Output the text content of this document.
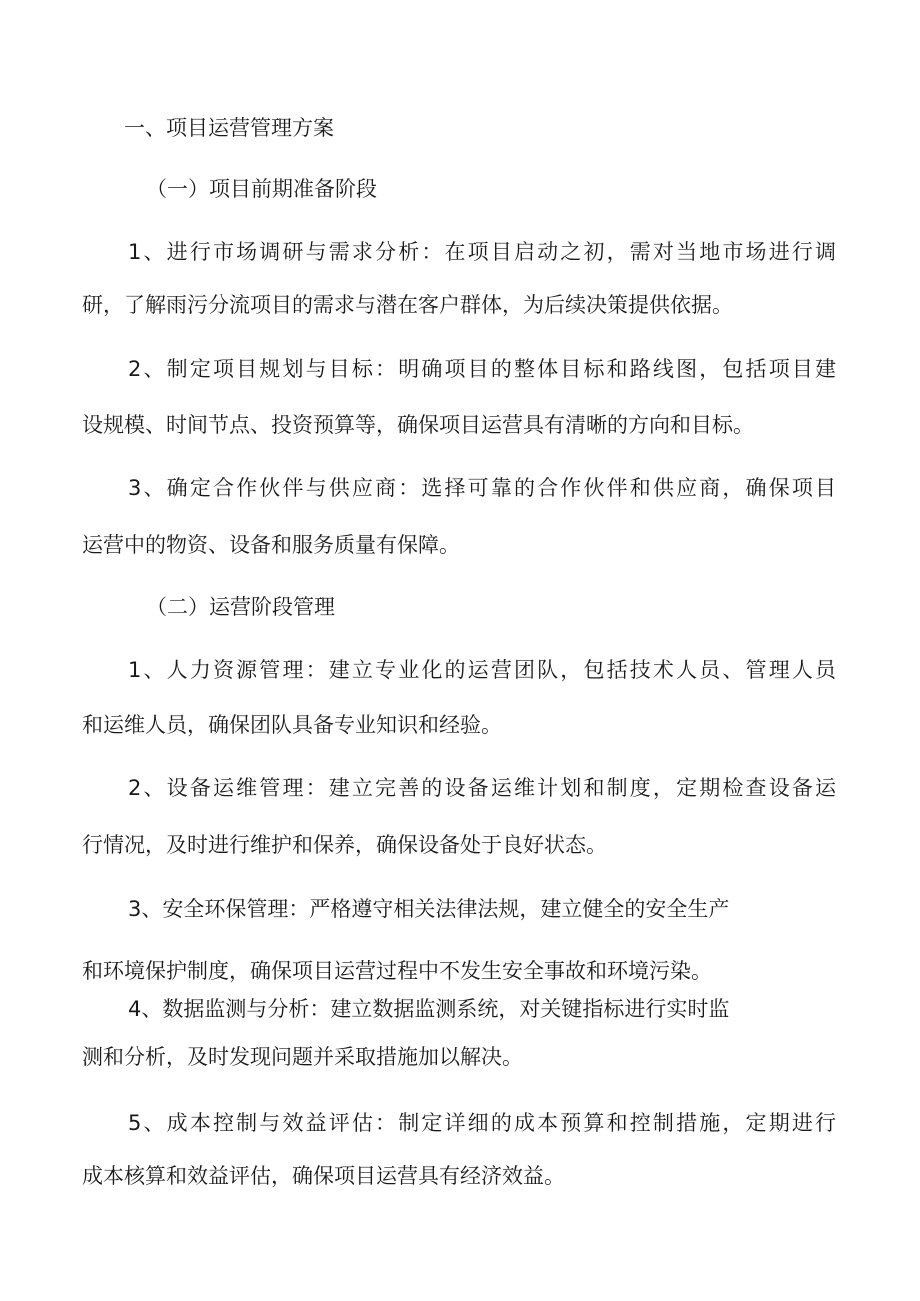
一、项目运营管理方案

（一）项目前期准备阶段

1、进行市场调研与需求分析：在项目启动之初，需对当地市场进行调

研，了解雨污分流项目的需求与潜在客户群体，为后续决策提供依据。

2、制定项目规划与目标：明确项目的整体目标和路线图，包括项目建

设规模、时间节点、投资预算等，确保项目运营具有清晰的方向和目标。

3、确定合作伙伴与供应商：选择可靠的合作伙伴和供应商，确保项目

运营中的物资、设备和服务质量有保障。

（二）运营阶段管理

1、人力资源管理：建立专业化的运营团队，包括技术人员、管理人员

和运维人员，确保团队具备专业知识和经验。

2、设备运维管理：建立完善的设备运维计划和制度，定期检查设备运

行情况，及时进行维护和保养，确保设备处于良好状态。

3、安全环保管理：严格遵守相关法律法规，建立健全的安全生产

和环境保护制度，确保项目运营过程中不发生安全事故和环境污染。

4、数据监测与分析：建立数据监测系统，对关键指标进行实时监

测和分析，及时发现问题并采取措施加以解决。

5、成本控制与效益评估：制定详细的成本预算和控制措施，定期进行

成本核算和效益评估，确保项目运营具有经济效益。
